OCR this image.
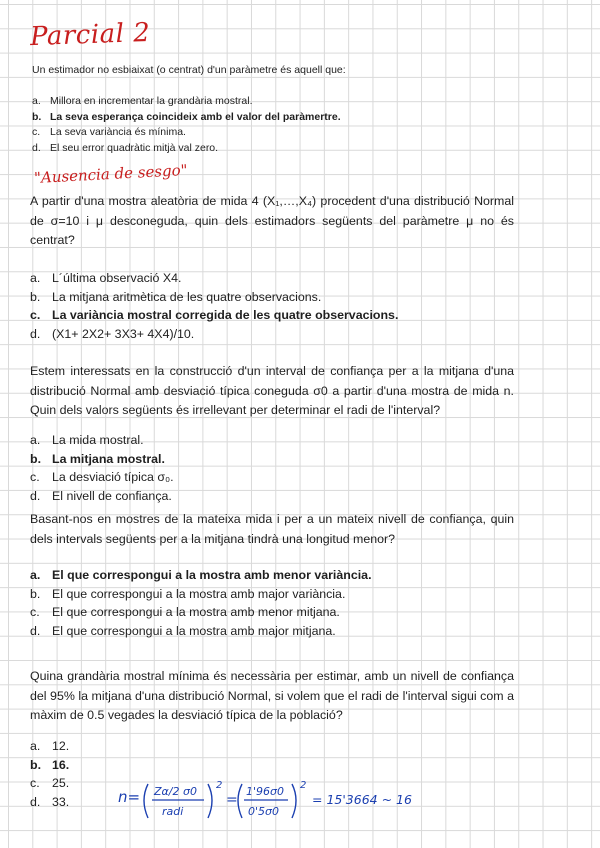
Parcial 2

Un estimador no esbiaixat (o centrat) d'un paràmetre és aquell que:

a. Millora en incrementar la grandària mostral.
b. La seva esperança coincideix amb el valor del paràmertre.
c. La seva variància és mínima.
d. El seu error quadràtic mitjà val zero.
"Ausencia de sesgo"

A partir d'una mostra aleatòria de mida 4 (X₁,…,X₄) procedent d'una distribució Normal de σ=10 i μ desconeguda, quin dels estimadors següents del paràmetre μ no és centrat?

a. L´última observació X4.
b. La mitjana aritmètica de les quatre observacions.
c. La variància mostral corregida de les quatre observacions.
d. (X1+ 2X2+ 3X3+ 4X4)/10.

Estem interessats en la construcció d'un interval de confiança per a la mitjana d'una distribució Normal amb desviació típica coneguda σ0 a partir d'una mostra de mida n. Quin dels valors següents és irrellevant per determinar el radi de l'interval?

a. La mida mostral.
b. La mitjana mostral.
c. La desviació típica σ₀.
d. El nivell de confiança.

Basant-nos en mostres de la mateixa mida i per a un mateix nivell de confiança, quin dels intervals següents per a la mitjana tindrà una longitud menor?

a. El que correspongui a la mostra amb menor variància.
b. El que correspongui a la mostra amb major variància.
c. El que correspongui a la mostra amb menor mitjana.
d. El que correspongui a la mostra amb major mitjana.

Quina grandària mostral mínima és necessària per estimar, amb un nivell de confiança del 95% la mitjana d'una distribució Normal, si volem que el radi de l'interval sigui com a màxim de 0.5 vegades la desviació típica de la població?

a. 12.
b. 16.
c. 25.
d. 33.	n= Zα/2 σ0
radi
2
=
1'96σ0
0'5σ0
2
= 15'3664 ~ 16
